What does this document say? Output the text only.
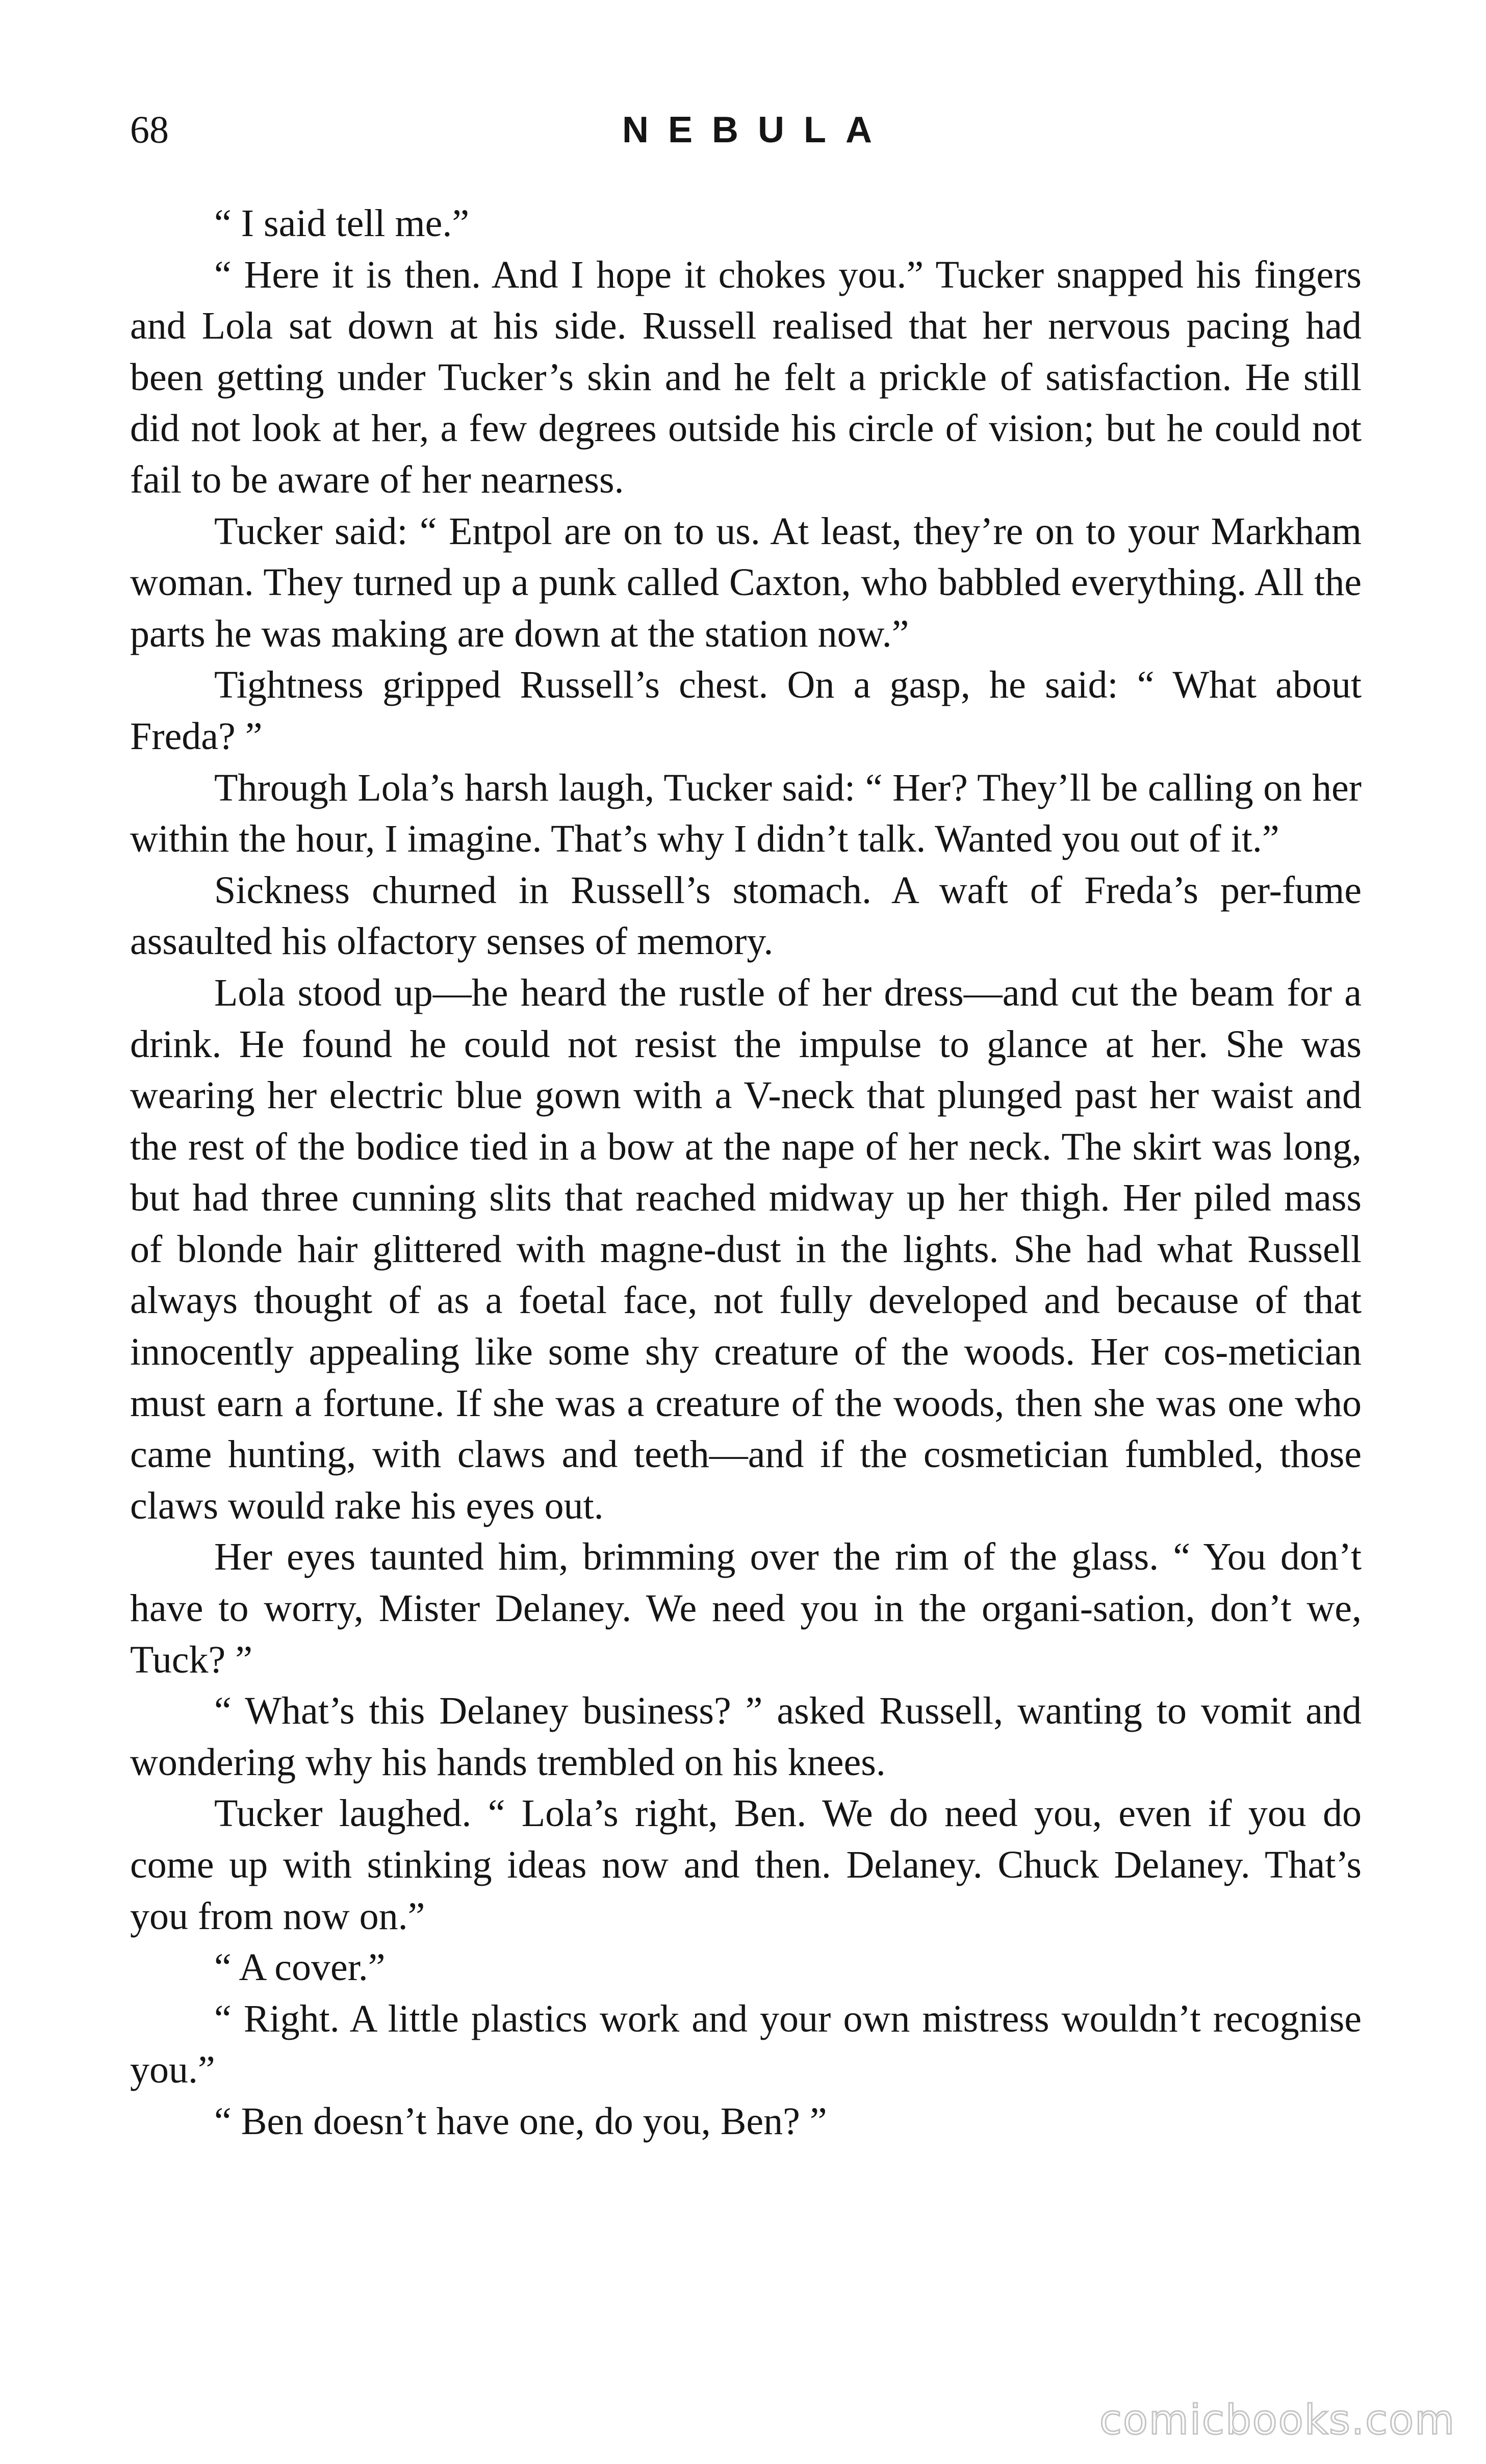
68	NEBULA

“ I said tell me.”

“ Here it is then. And I hope it chokes you.” Tucker snapped his fingers and Lola sat down at his side. Russell realised that her nervous pacing had been getting under Tucker’s skin and he felt a prickle of satisfaction. He still did not look at her, a few degrees outside his circle of vision; but he could not fail to be aware of her nearness.

Tucker said: “ Entpol are on to us. At least, they’re on to your Markham woman. They turned up a punk called Caxton, who babbled everything. All the parts he was making are down at the station now.”

Tightness gripped Russell’s chest. On a gasp, he said: “ What about Freda? ”

Through Lola’s harsh laugh, Tucker said: “ Her? They’ll be calling on her within the hour, I imagine. That’s why I didn’t talk. Wanted you out of it.”

Sickness churned in Russell’s stomach. A waft of Freda’s per-fume assaulted his olfactory senses of memory.

Lola stood up—he heard the rustle of her dress—and cut the beam for a drink. He found he could not resist the impulse to glance at her. She was wearing her electric blue gown with a V-neck that plunged past her waist and the rest of the bodice tied in a bow at the nape of her neck. The skirt was long, but had three cunning slits that reached midway up her thigh. Her piled mass of blonde hair glittered with magne-dust in the lights. She had what Russell always thought of as a foetal face, not fully developed and because of that innocently appealing like some shy creature of the woods. Her cos-metician must earn a fortune. If she was a creature of the woods, then she was one who came hunting, with claws and teeth—and if the cosmetician fumbled, those claws would rake his eyes out.

Her eyes taunted him, brimming over the rim of the glass. “ You don’t have to worry, Mister Delaney. We need you in the organi-sation, don’t we, Tuck? ”

“ What’s this Delaney business? ” asked Russell, wanting to vomit and wondering why his hands trembled on his knees.

Tucker laughed. “ Lola’s right, Ben. We do need you, even if you do come up with stinking ideas now and then. Delaney. Chuck Delaney. That’s you from now on.”

“ A cover.”

“ Right. A little plastics work and your own mistress wouldn’t recognise you.”

“ Ben doesn’t have one, do you, Ben? ”

comicbooks.com
